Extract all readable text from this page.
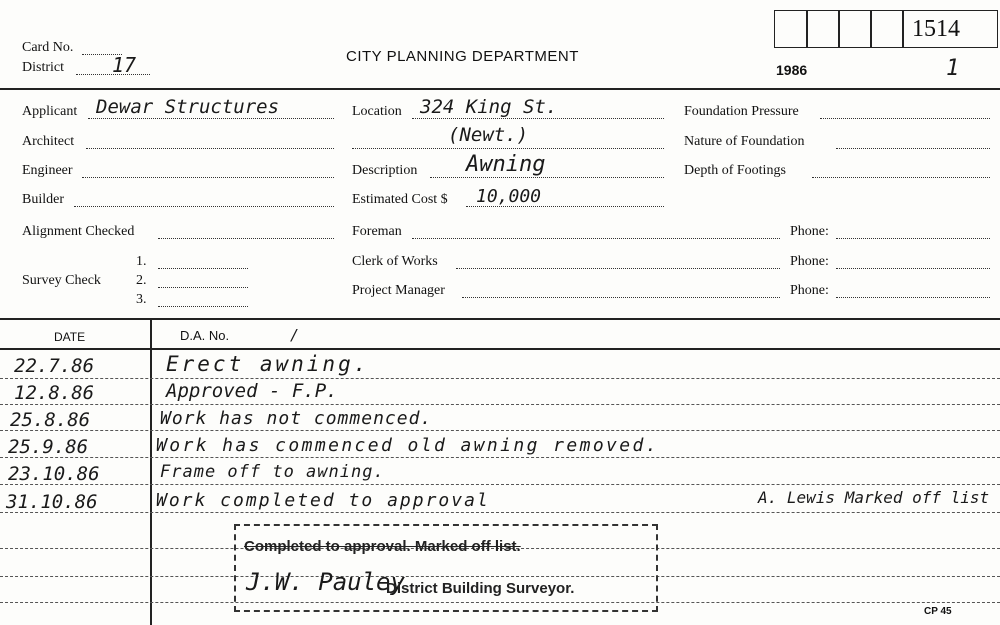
Card No.
District 17	CITY PLANNING DEPARTMENT
1986	1
1514
Applicant Dewar Structures
Architect
Engineer
Builder
Alignment Checked
Survey Check
1.
2.
3.
Location 324 King St.
(Newt.)
Description Awning
Estimated Cost $ 10,000
Foreman
Clerk of Works
Project Manager
Foundation Pressure
Nature of Foundation
Depth of Footings
Phone:
Phone:
Phone:
DATE	D.A. No.	/
22.7.86	Erect awning.
12.8.86	Approved - F.P.
25.8.86	Work has not commenced.
25.9.86	Work has commenced old awning removed.
23.10.86	Frame off to awning.
31.10.86	Work completed to approval	A. Lewis Marked off list
Completed to approval. Marked off list.
J.W. Pauley
District Building Surveyor.
CP 45
